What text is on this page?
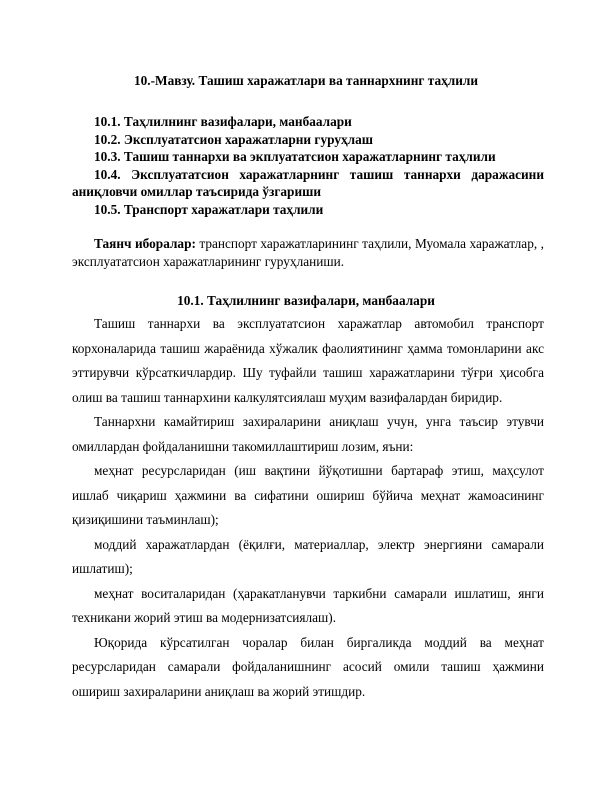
10.-Мавзу. Ташиш харажатлари ва таннархнинг таҳлили
10.1. Таҳлилнинг вазифалари, манбаалари
10.2. Эксплуататсион харажатларни гуруҳлаш
10.3. Ташиш таннархи ва экплуататсион харажатларнинг таҳлили
10.4. Эксплуататсион харажатларнинг ташиш таннархи даражасини аниқловчи омиллар таъсирида ўзгариши
10.5. Транспорт харажатлари таҳлили
Таянч иборалар: транспорт харажатларининг таҳлили, Муомала харажатлар, , эксплуататсион харажатларининг гуруҳланиши.
10.1. Таҳлилнинг вазифалари, манбаалари

Ташиш таннархи ва эксплуататсион харажатлар автомобил транспорт корхоналарида ташиш жараёнида хўжалик фаолиятининг ҳамма томонларини акс эттирувчи кўрсаткичлардир. Шу туфайли ташиш харажатларини тўғри ҳисобга олиш ва ташиш таннархини калкулятсиялаш муҳим вазифалардан биридир.

Таннархни камайтириш захираларини аниқлаш учун, унга таъсир этувчи омиллардан фойдаланишни такомиллаштириш лозим, яъни:

меҳнат ресурсларидан (иш вақтини йўқотишни бартараф этиш, маҳсулот ишлаб чиқариш ҳажмини ва сифатини ошириш бўйича меҳнат жамоасининг қизиқишини таъминлаш);

моддий харажатлардан (ёқилғи, материаллар, электр энергияни самарали ишлатиш);

меҳнат воситаларидан (ҳаракатланувчи таркибни самарали ишлатиш, янги техникани жорий этиш ва модернизатсиялаш).

Юқорида кўрсатилган чоралар билан биргаликда моддий ва меҳнат ресурсларидан самарали фойдаланишнинг асосий омили ташиш ҳажмини ошириш захираларини аниқлаш ва жорий этишдир.
